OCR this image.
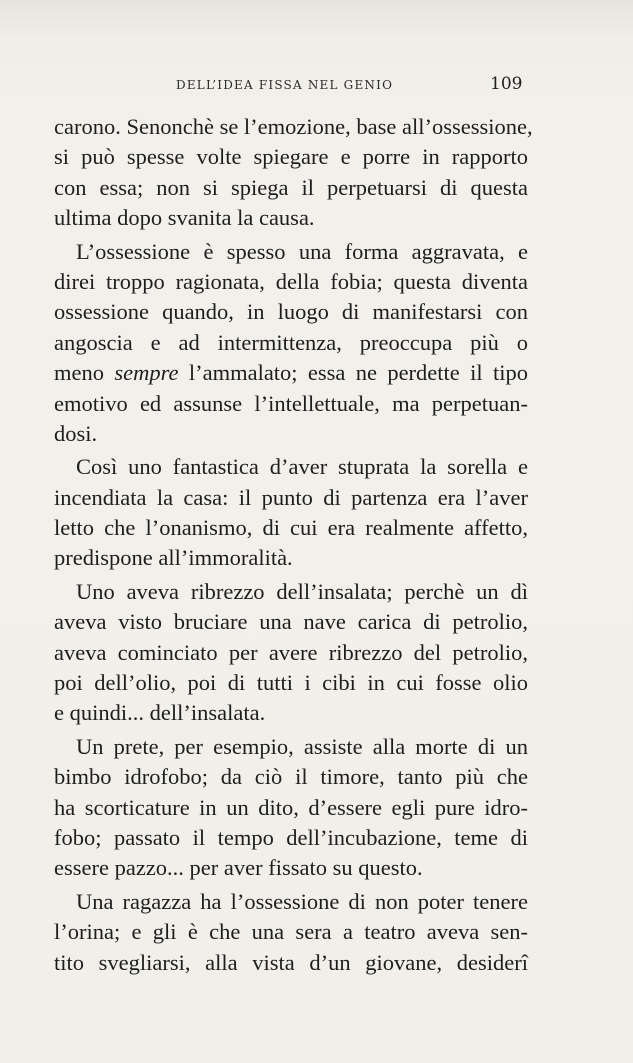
DELL’IDEA FISSA NEL GENIO	109
carono. Senonchè se l’emozione, base all’ossessione,
si può spesse volte spiegare e porre in rapporto
con essa; non si spiega il perpetuarsi di questa
ultima dopo svanita la causa.
L’ossessione è spesso una forma aggravata, e
direi troppo ragionata, della fobia; questa diventa
ossessione quando, in luogo di manifestarsi con
angoscia e ad intermittenza, preoccupa più o
meno sempre l’ammalato; essa ne perdette il tipo
emotivo ed assunse l’intellettuale, ma perpetuan-
dosi.
Così uno fantastica d’aver stuprata la sorella e
incendiata la casa: il punto di partenza era l’aver
letto che l’onanismo, di cui era realmente affetto,
predispone all’immoralità.
Uno aveva ribrezzo dell’insalata; perchè un dì
aveva visto bruciare una nave carica di petrolio,
aveva cominciato per avere ribrezzo del petrolio,
poi dell’olio, poi di tutti i cibi in cui fosse olio
e quindi... dell’insalata.
Un prete, per esempio, assiste alla morte di un
bimbo idrofobo; da ciò il timore, tanto più che
ha scorticature in un dito, d’essere egli pure idro-
fobo; passato il tempo dell’incubazione, teme di
essere pazzo... per aver fissato su questo.
Una ragazza ha l’ossessione di non poter tenere
l’orina; e gli è che una sera a teatro aveva sen-
tito svegliarsi, alla vista d’un giovane, desiderî
